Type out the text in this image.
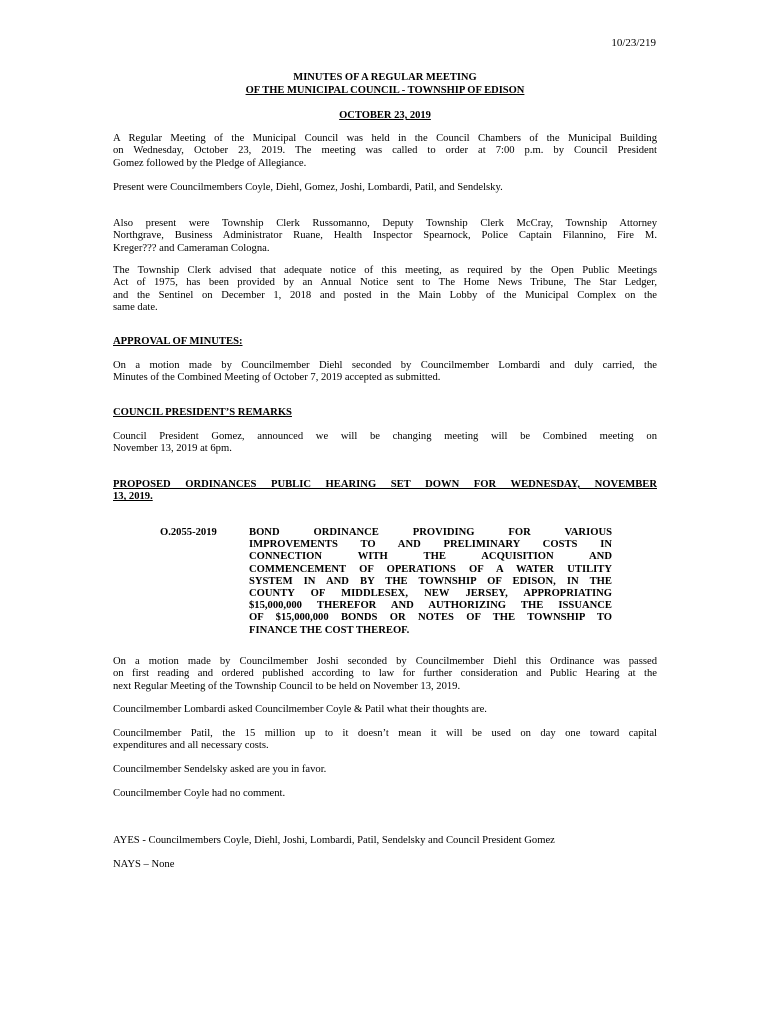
10/23/219
MINUTES OF A REGULAR MEETING
OF THE MUNICIPAL COUNCIL - TOWNSHIP OF EDISON
OCTOBER 23, 2019
A Regular Meeting of the Municipal Council was held in the Council Chambers of the Municipal Building
on Wednesday, October 23, 2019. The meeting was called to order at 7:00 p.m. by Council President
Gomez followed by the Pledge of Allegiance.
Present were Councilmembers Coyle, Diehl, Gomez, Joshi, Lombardi, Patil, and Sendelsky.
Also present were Township Clerk Russomanno, Deputy Township Clerk McCray, Township Attorney
Northgrave, Business Administrator Ruane, Health Inspector Spearnock, Police Captain Filannino, Fire M.
Kreger??? and Cameraman Cologna.
The Township Clerk advised that adequate notice of this meeting, as required by the Open Public Meetings
Act of 1975, has been provided by an Annual Notice sent to The Home News Tribune, The Star Ledger,
and the Sentinel on December 1, 2018 and posted in the Main Lobby of the Municipal Complex on the
same date.
APPROVAL OF MINUTES:
On a motion made by Councilmember Diehl seconded by Councilmember Lombardi and duly carried, the
Minutes of the Combined Meeting of October 7, 2019 accepted as submitted.
COUNCIL PRESIDENT’S REMARKS
Council President Gomez, announced we will be changing meeting will be Combined meeting on
November 13, 2019 at 6pm.
PROPOSED ORDINANCES PUBLIC HEARING SET DOWN FOR WEDNESDAY, NOVEMBER
13, 2019.
O.2055-2019	BOND ORDINANCE PROVIDING FOR VARIOUS
IMPROVEMENTS TO AND PRELIMINARY COSTS IN
CONNECTION WITH THE ACQUISITION AND
COMMENCEMENT OF OPERATIONS OF A WATER UTILITY
SYSTEM IN AND BY THE TOWNSHIP OF EDISON, IN THE
COUNTY OF MIDDLESEX, NEW JERSEY, APPROPRIATING
$15,000,000 THEREFOR AND AUTHORIZING THE ISSUANCE
OF $15,000,000 BONDS OR NOTES OF THE TOWNSHIP TO
FINANCE THE COST THEREOF.
On a motion made by Councilmember Joshi seconded by Councilmember Diehl this Ordinance was passed
on first reading and ordered published according to law for further consideration and Public Hearing at the
next Regular Meeting of the Township Council to be held on November 13, 2019.
Councilmember Lombardi asked Councilmember Coyle & Patil what their thoughts are.
Councilmember Patil, the 15 million up to it doesn’t mean it will be used on day one toward capital
expenditures and all necessary costs.
Councilmember Sendelsky asked are you in favor.
Councilmember Coyle had no comment.
AYES - Councilmembers Coyle, Diehl, Joshi, Lombardi, Patil, Sendelsky and Council President Gomez
NAYS – None
